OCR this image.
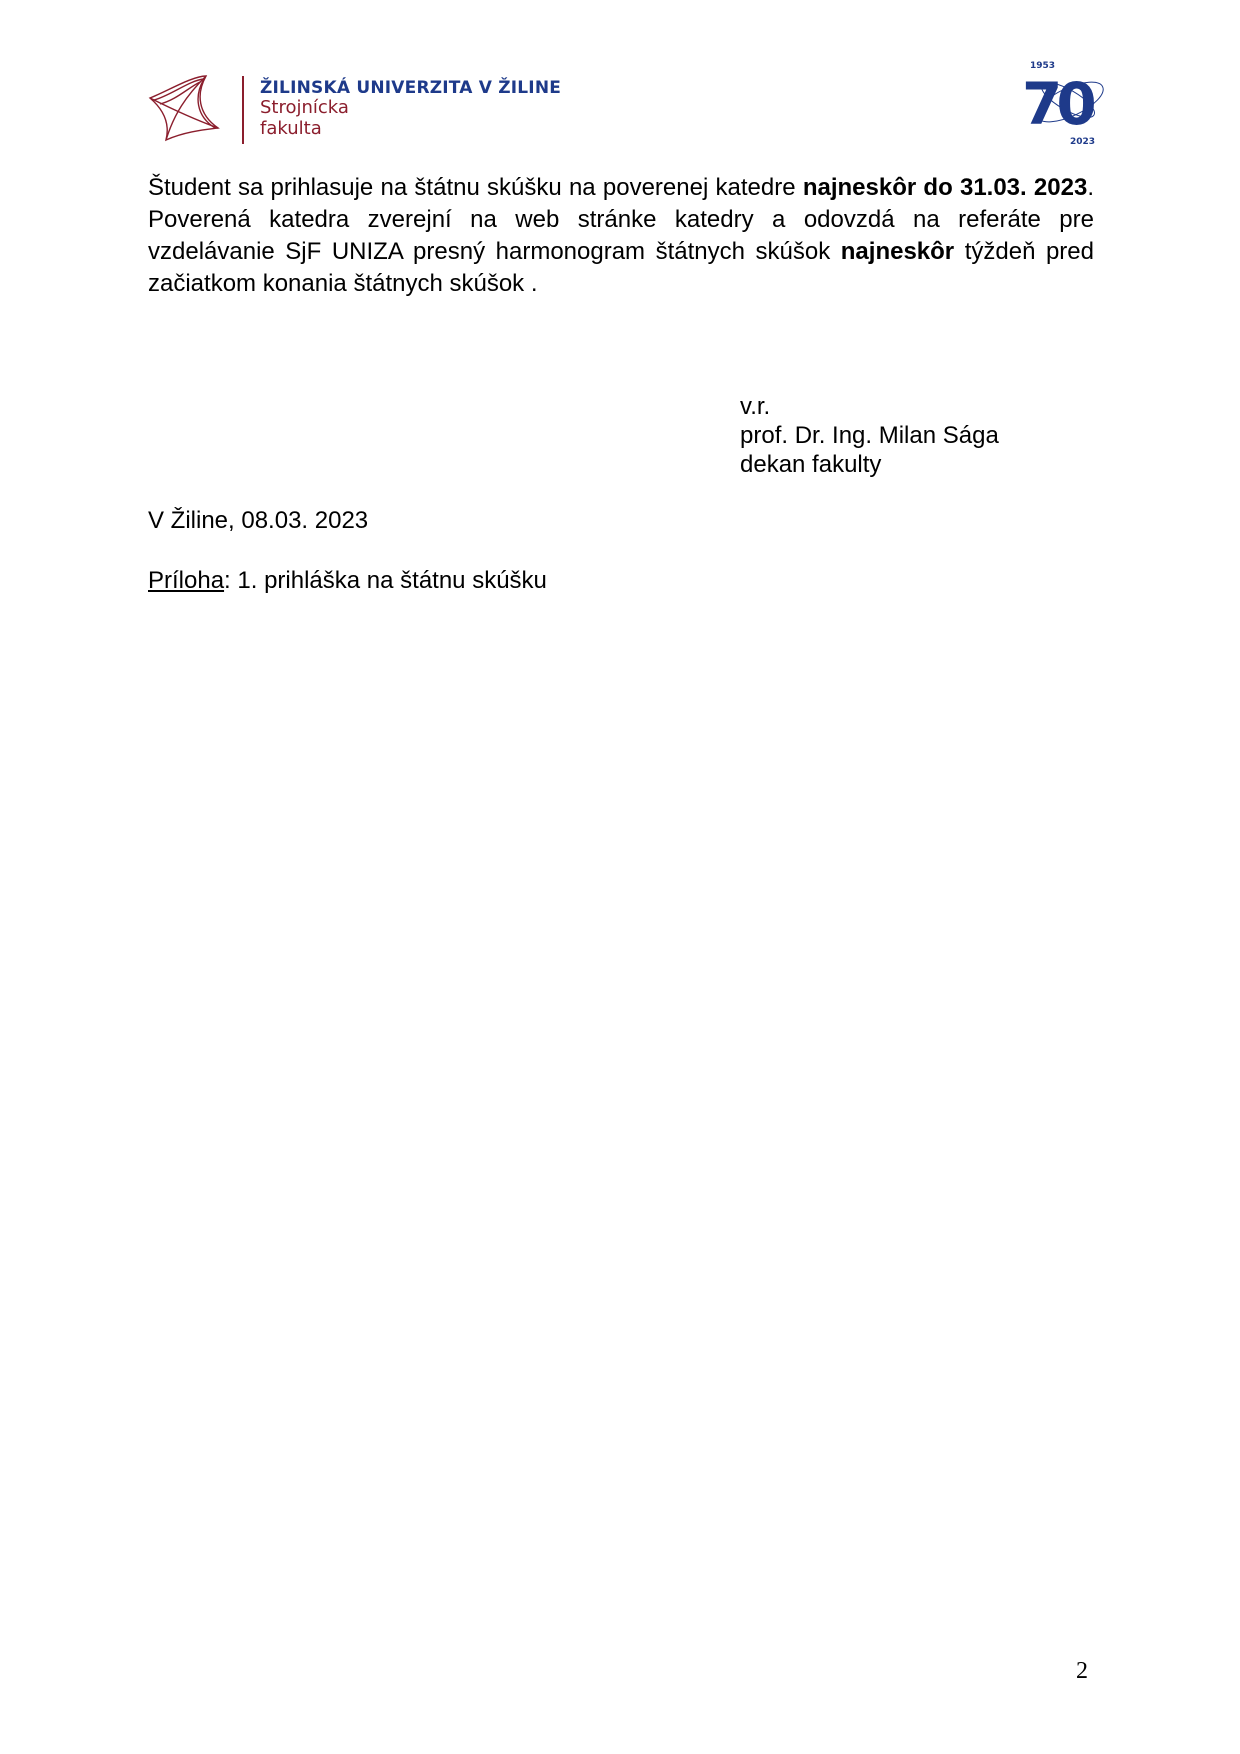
ŽILINSKÁ UNIVERZITA V ŽILINE
Strojnícka
fakulta
1953
70
2023

Študent sa prihlasuje na štátnu skúšku na poverenej katedre najneskôr do 31.03. 2023. Poverená katedra zverejní na web stránke katedry a odovzdá na referáte pre vzdelávanie SjF UNIZA presný harmonogram štátnych skúšok najneskôr týždeň pred začiatkom konania štátnych skúšok .

v.r.
prof. Dr. Ing. Milan Sága
dekan fakulty
V Žiline, 08.03. 2023
Príloha: 1. prihláška na štátnu skúšku
2
